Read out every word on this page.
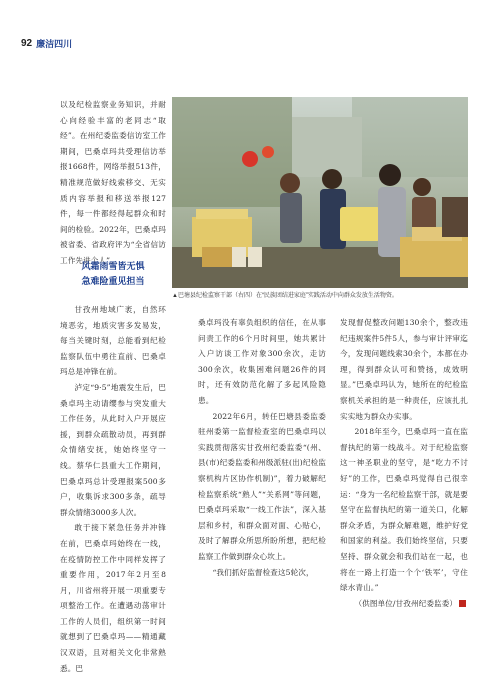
92 廉洁四川

以及纪检监察业务知识，并耐心向经验丰富的老同志“取经”。在州纪委监委信访室工作期间，巴桑卓玛共受理信访举报1668件，网络举报513件，精准规范做好线索移交、无实质内容举报和移送举报127件，每一件都经得起群众和时间的检验。2022年，巴桑卓玛被省委、省政府评为“全省信访工作先进个人”。

风霜雨雪皆无惧
急难险重见担当

甘孜州地域广袤，自然环境恶劣，地质灾害多发易发，每当关键时刻，总能看到纪检监察队伍中勇往直前、巴桑卓玛总是冲锋在前。

泸定“9·5”地震发生后，巴桑卓玛主动请缨参与突发重大工作任务，从此时入户开展应援，到群众疏散动员，再到群众情绪安抚，她始终坚守一线。蔡华仁县重大工作期间，巴桑卓玛总计受理报案500多户，收集诉求300多条，疏导群众情绪3000多人次。

敢于接下紧急任务并冲锋在前，巴桑卓玛始终在一线，在疫情防控工作中同样发挥了重要作用，2017年2月至8月，川省州将开展一项重要专项整治工作。在遭遇动荡审计工作的人员们，组织第一时间就想到了巴桑卓玛——精通藏汉双语，且对相关文化非常熟悉。巴

▲巴塘县纪检监察干部（右四）在“民族团结进家庭”实践活动中向群众发放生活物资。

桑卓玛没有辜负组织的信任，在从事问责工作的6个月时间里，她共累计入户访谈工作对象300余次，走访300余次，收集困难问题26件的同时，还有效防范化解了多起风险隐患。

2022年6月，转任巴塘县委监委驻州委第一监督检查室的巴桑卓玛以实践贯彻落实甘孜州纪委监委“(州、县(市)纪委监委和州级派驻(出)纪检监察机构片区协作机制)”，着力破解纪检监察系统“熟人”“关系网”等问题，巴桑卓玛采取“一线工作法”，深入基层和乡村，和群众面对面、心贴心，及时了解群众所思所盼所想，把纪检监察工作做到群众心坎上。

“我们抓好监督检查这5轮次，

发现督促整改问题130余个，整改违纪违规案件5件5人，参与审计评审迄今，发现问题线索30余个，本都在办理，得到群众认可和赞扬，成效明显。”巴桑卓玛认为，她所在的纪检监察机关承担的是一种责任，应该扎扎实实地为群众办实事。

2018年至今，巴桑卓玛一直在监督执纪的第一线战斗。对于纪检监察这一神圣职业的坚守，是“吃力不讨好”的工作，巴桑卓玛觉得自己很幸运：“身为一名纪检监察干部，就是要坚守在监督执纪的第一道关口，化解群众矛盾，为群众解难题，维护好党和国家的利益。我们始终坚信，只要坚持、群众就会和我们站在一起，也将在一路上打造一个个‘铁军’，守住绿水青山。”

（供图单位/甘孜州纪委监委）
